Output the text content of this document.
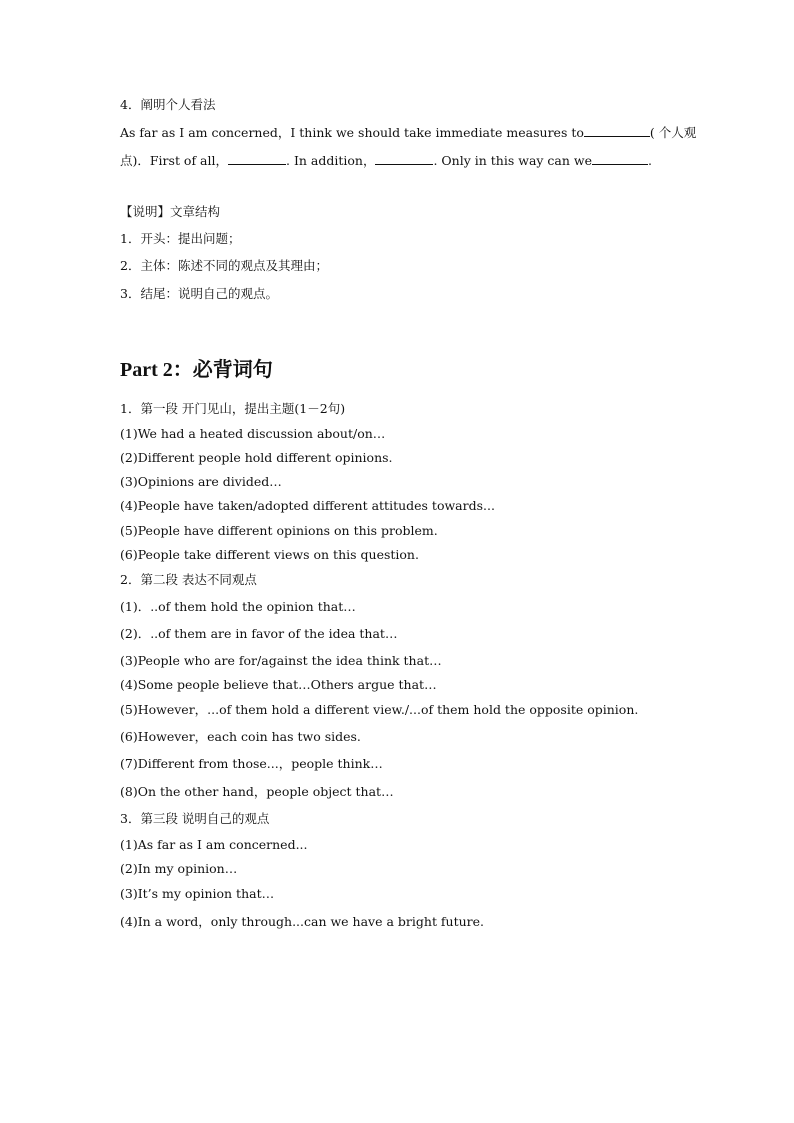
4．阐明个人看法
As far as I am concerned，I think we should take immediate measures to	( 个人观
点)．First of all，	. In addition，	. Only in this way can we	.
【说明】文章结构
1．开头：提出问题；
2．主体：陈述不同的观点及其理由；
3．结尾：说明自己的观点。
Part 2：必背词句
1．第一段 开门见山，提出主题(1－2句)
(1)We had a heated discussion about/on…
(2)Different people hold different opinions.
(3)Opinions are divided…
(4)People have taken/adopted different attitudes towards...
(5)People have different opinions on this problem.
(6)People take different views on this question.
2．第二段 表达不同观点
(1)．..of them hold the opinion that…
(2)．..of them are in favor of the idea that…
(3)People who are for/against the idea think that…
(4)Some people believe that…Others argue that…
(5)However，...of them hold a different view./...of them hold the opposite opinion.
(6)However，each coin has two sides.
(7)Different from those...，people think…
(8)On the other hand，people object that…
3．第三段 说明自己的观点
(1)As far as I am concerned...
(2)In my opinion…
(3)It’s my opinion that…
(4)In a word，only through...can we have a bright future.
